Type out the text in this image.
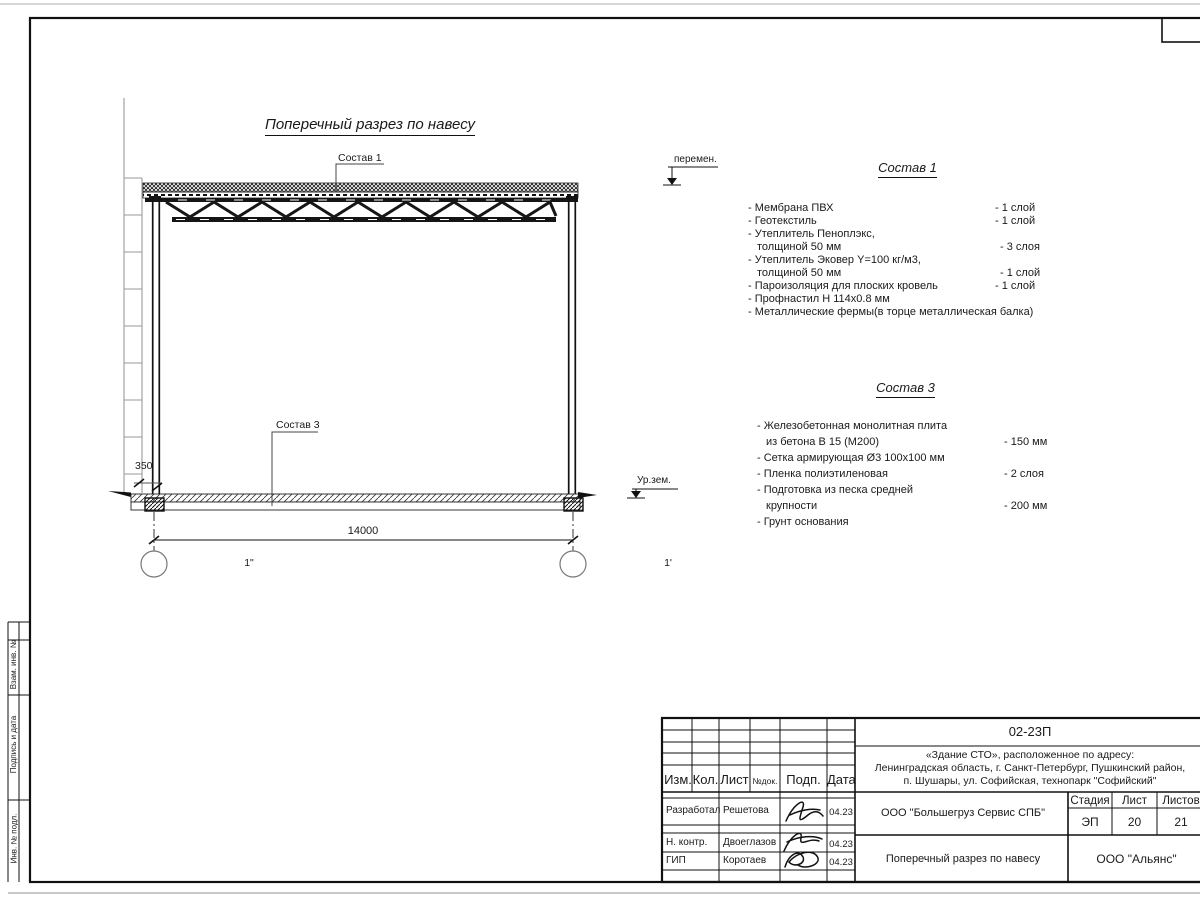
Поперечный разрез по навесу
Состав 1	перемен.
Состав 3
Ур.зем.
350
14000
1"	1'
Состав 1
- Мембрана ПВХ	- 1 слой
- Геотекстиль	- 1 слой
- Утеплитель Пеноплэкс,
толщиной 50 мм	- 3 слоя
- Утеплитель Эковер Y=100 кг/м3,
толщиной 50 мм	- 1 слой
- Пароизоляция для плоских кровель	- 1 слой
- Профнастил Н 114х0.8 мм
- Металлические фермы(в торце металлическая балка)
Состав 3
- Железобетонная монолитная плита
из бетона В 15 (М200)	- 150 мм
- Сетка армирующая Ø3 100х100 мм
- Пленка полиэтиленовая	- 2 слоя
- Подготовка из песка средней
крупности	- 200 мм
- Грунт основания
Взам. инв. №
Подпись и дата
Инв. № подл.
02-23П
«Здание СТО», расположенное по адресу:
Ленинградская область, г. Санкт-Петербург, Пушкинский район,
п. Шушары, ул. Софийская, технопарк "Софийский"
Изм. Кол. Лист №док. Подп. Дата
Разработал Решетова	04.23
Н. контр. Двоеглазов	04.23
ГИП	Коротаев	04.23
ООО "Большегруз Сервис СПБ"
Стадия	Лист	Листов
ЭП	20	21
Поперечный разрез по навесу	ООО "Альянс"
